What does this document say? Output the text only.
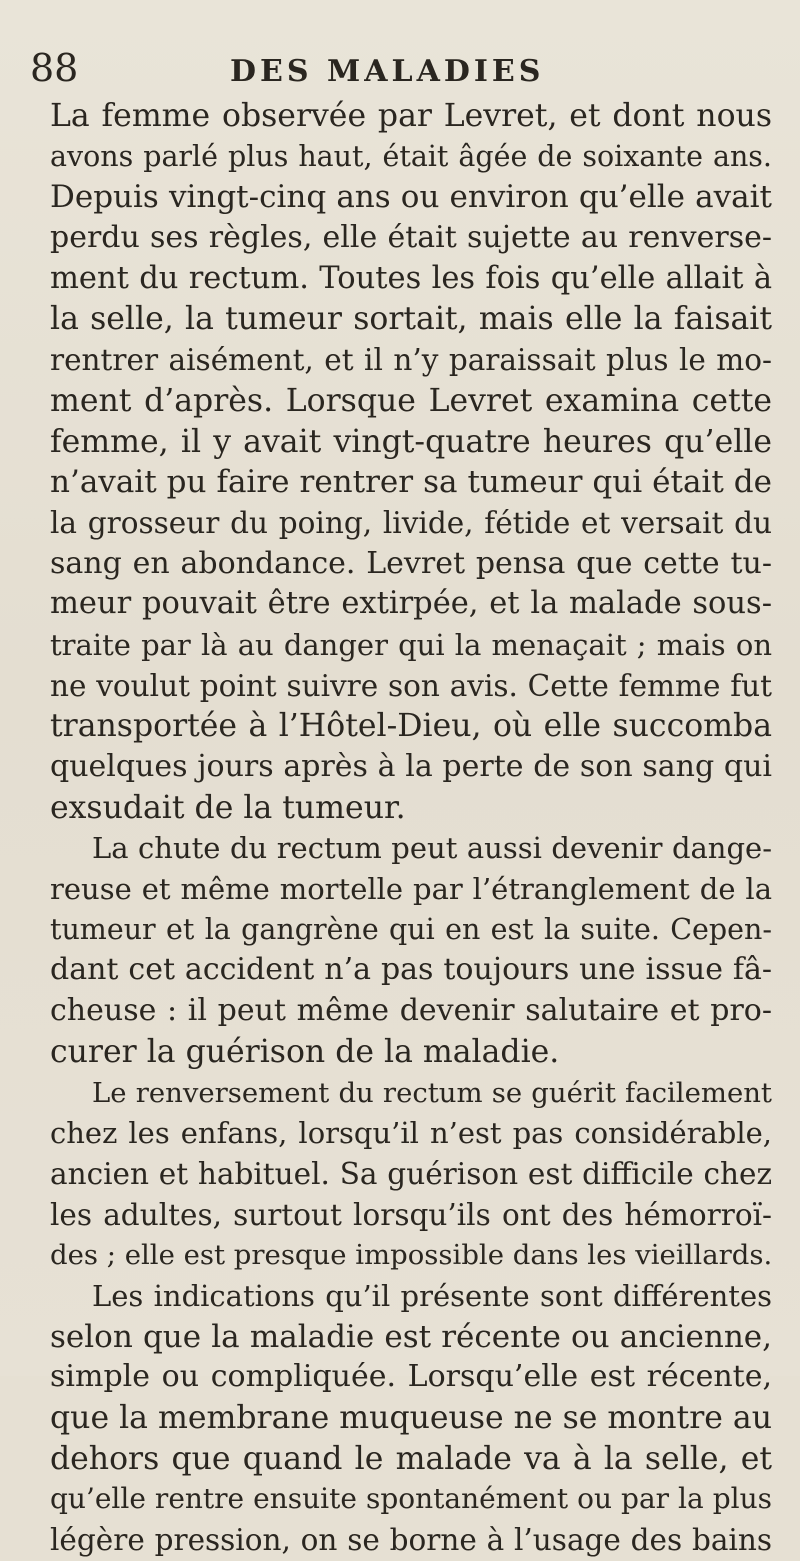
88	DES MALADIES
La femme observée par Levret, et dont nous
avons parlé plus haut, était âgée de soixante ans.
Depuis vingt-cinq ans ou environ qu’elle avait
perdu ses règles, elle était sujette au renverse-
ment du rectum. Toutes les fois qu’elle allait à
la selle, la tumeur sortait, mais elle la faisait
rentrer aisément, et il n’y paraissait plus le mo-
ment d’après. Lorsque Levret examina cette
femme, il y avait vingt-quatre heures qu’elle
n’avait pu faire rentrer sa tumeur qui était de
la grosseur du poing, livide, fétide et versait du
sang en abondance. Levret pensa que cette tu-
meur pouvait être extirpée, et la malade sous-
traite par là au danger qui la menaçait ; mais on
ne voulut point suivre son avis. Cette femme fut
transportée à l’Hôtel-Dieu, où elle succomba
quelques jours après à la perte de son sang qui
exsudait de la tumeur.
La chute du rectum peut aussi devenir dange-
reuse et même mortelle par l’étranglement de la
tumeur et la gangrène qui en est la suite. Cepen-
dant cet accident n’a pas toujours une issue fâ-
cheuse : il peut même devenir salutaire et pro-
curer la guérison de la maladie.
Le renversement du rectum se guérit facilement
chez les enfans, lorsqu’il n’est pas considérable,
ancien et habituel. Sa guérison est difficile chez
les adultes, surtout lorsqu’ils ont des hémorroï-
des ; elle est presque impossible dans les vieillards.
Les indications qu’il présente sont différentes
selon que la maladie est récente ou ancienne,
simple ou compliquée. Lorsqu’elle est récente,
que la membrane muqueuse ne se montre au
dehors que quand le malade va à la selle, et
qu’elle rentre ensuite spontanément ou par la plus
légère pression, on se borne à l’usage des bains
